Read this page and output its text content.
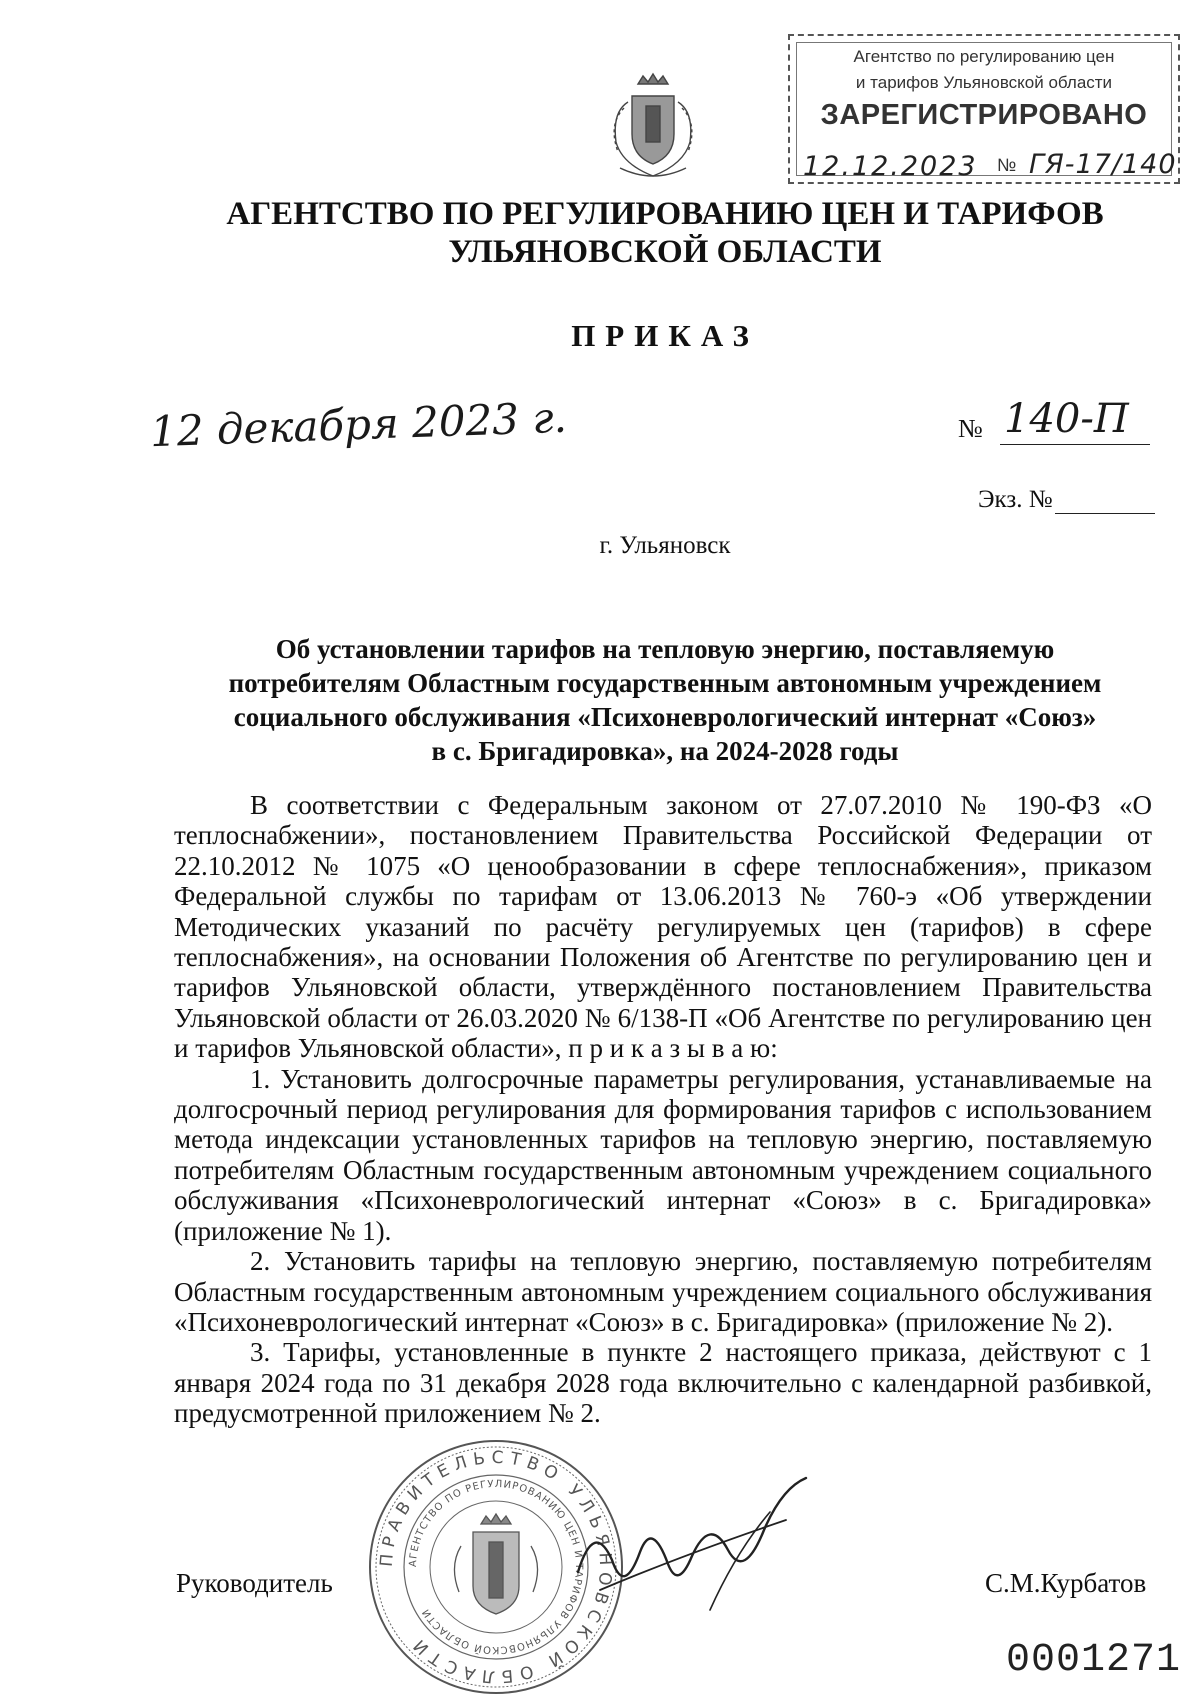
Агентство по регулированию цен
и тарифов Ульяновской области
ЗАРЕГИСТРИРОВАНО
12.12.2023 № ГЯ-17/140
АГЕНТСТВО ПО РЕГУЛИРОВАНИЮ ЦЕН И ТАРИФОВ
УЛЬЯНОВСКОЙ ОБЛАСТИ
ПРИКАЗ
12 декабря 2023 г.	№ 140-П
Экз. №
г. Ульяновск
Об установлении тарифов на тепловую энергию, поставляемую
потребителям Областным государственным автономным учреждением
социального обслуживания «Психоневрологический интернат «Союз»
в с. Бригадировка», на 2024-2028 годы

В соответствии с Федеральным законом от 27.07.2010 № 190-ФЗ «О теплоснабжении», постановлением Правительства Российской Федерации от 22.10.2012 № 1075 «О ценообразовании в сфере теплоснабжения», приказом Федеральной службы по тарифам от 13.06.2013 № 760-э «Об утверждении Методических указаний по расчёту регулируемых цен (тарифов) в сфере теплоснабжения», на основании Положения об Агентстве по регулированию цен и тарифов Ульяновской области, утверждённого постановлением Правительства Ульяновской области от 26.03.2020 № 6/138-П «Об Агентстве по регулированию цен и тарифов Ульяновской области», п р и к а з ы в а ю:

1. Установить долгосрочные параметры регулирования, устанавливаемые на долгосрочный период регулирования для формирования тарифов с использованием метода индексации установленных тарифов на тепловую энергию, поставляемую потребителям Областным государственным автономным учреждением социального обслуживания «Психоневрологический интернат «Союз» в с. Бригадировка» (приложение № 1).

2. Установить тарифы на тепловую энергию, поставляемую потребителям Областным государственным автономным учреждением социального обслуживания «Психоневрологический интернат «Союз» в с. Бригадировка» (приложение № 2).

3. Тарифы, установленные в пункте 2 настоящего приказа, действуют с 1 января 2024 года по 31 декабря 2028 года включительно с календарной разбивкой, предусмотренной приложением № 2.

Руководитель	С.М.Курбатов
ПРАВИТЕЛЬСТВО УЛЬЯНОВСКОЙ ОБЛАСТИ
АГЕНТСТВО ПО РЕГУЛИРОВАНИЮ ЦЕН И ТАРИФОВ УЛЬЯНОВСКОЙ ОБЛАСТИ
0001271
